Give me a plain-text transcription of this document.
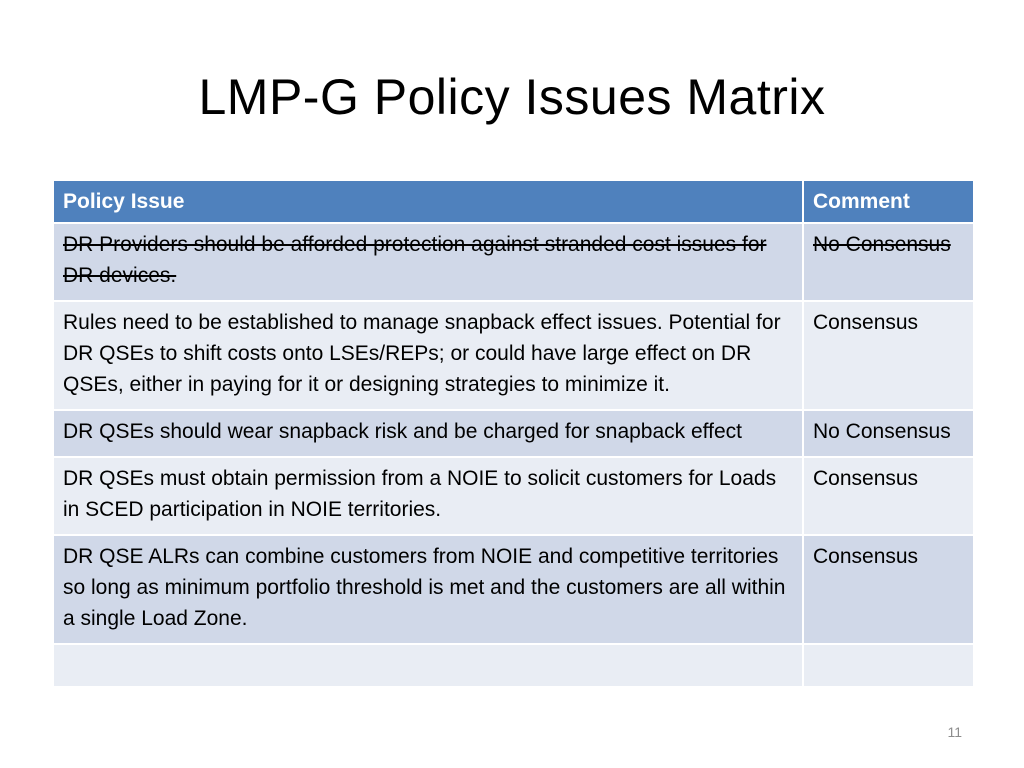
LMP-G Policy Issues Matrix
Policy Issue	Comment
DR Providers should be afforded protection against stranded cost issues for DR devices.	No Consensus
Rules need to be established to manage snapback effect issues. Potential for DR QSEs to shift costs onto LSEs/REPs; or could have large effect on DR QSEs, either in paying for it or designing strategies to minimize it.	Consensus
DR QSEs should wear snapback risk and be charged for snapback effect	No Consensus
DR QSEs must obtain permission from a NOIE to solicit customers for Loads in SCED participation in NOIE territories.	Consensus
DR QSE ALRs can combine customers from NOIE and competitive territories so long as minimum portfolio threshold is met and the customers are all within a single Load Zone.	Consensus

11
